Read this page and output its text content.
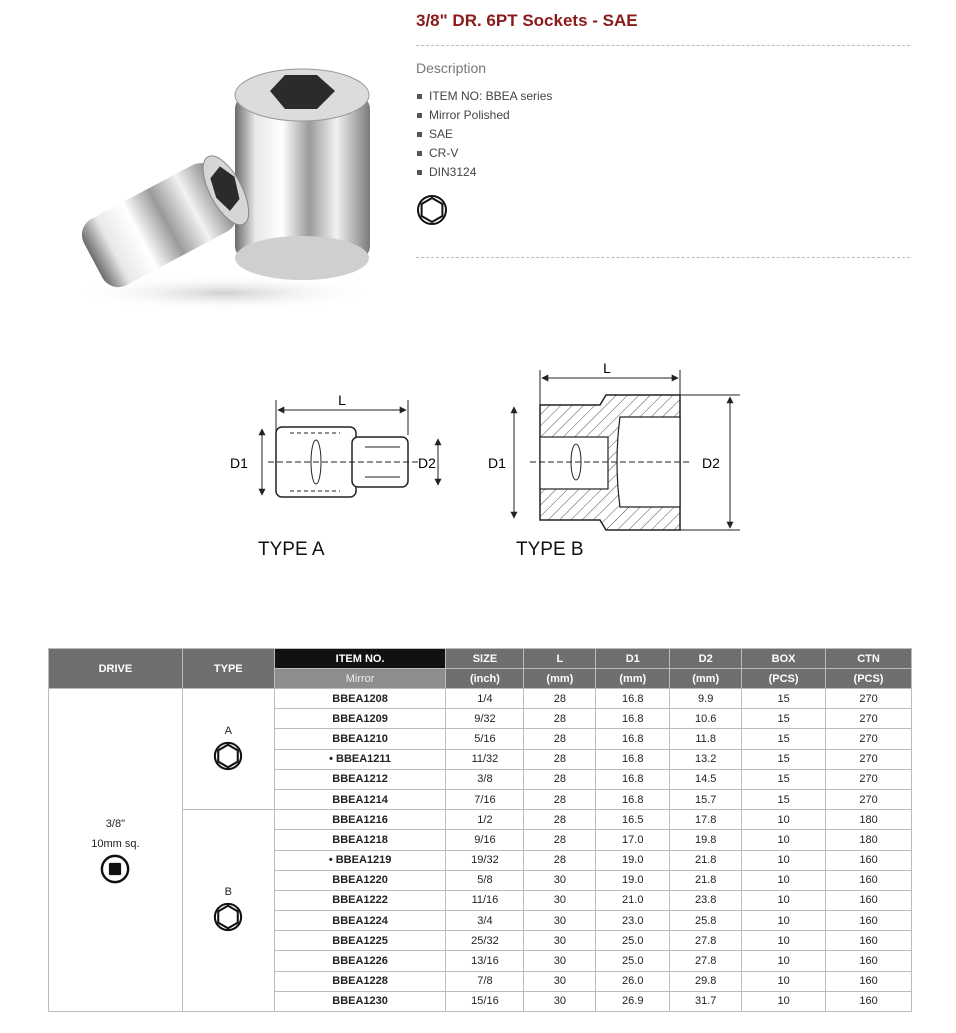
3/8" DR. 6PT Sockets - SAE
Description
ITEM NO: BBEA series
Mirror Polished
SAE
CR-V
DIN3124
L
D1	D2
L
D1	D2
TYPE A	TYPE B
DRIVE	TYPE	ITEM NO.	SIZE	L	D1	D2	BOX	CTN
		Mirror	(inch)	(mm)	(mm)	(mm)	(PCS)	(PCS)

3/8"
10mm sq.	A	BBEA1208	1/4	28	16.8	9.9	15	270
		BBEA1209	9/32	28	16.8	10.6	15	270
		BBEA1210	5/16	28	16.8	11.8	15	270
		• BBEA1211	11/32	28	16.8	13.2	15	270
		BBEA1212	3/8	28	16.8	14.5	15	270
		BBEA1214	7/16	28	16.8	15.7	15	270

	B	BBEA1216	1/2	28	16.5	17.8	10	180
		BBEA1218	9/16	28	17.0	19.8	10	180
		• BBEA1219	19/32	28	19.0	21.8	10	160
		BBEA1220	5/8	30	19.0	21.8	10	160
		BBEA1222	11/16	30	21.0	23.8	10	160
		BBEA1224	3/4	30	23.0	25.8	10	160
		BBEA1225	25/32	30	25.0	27.8	10	160
		BBEA1226	13/16	30	25.0	27.8	10	160
		BBEA1228	7/8	30	26.0	29.8	10	160
		BBEA1230	15/16	30	26.9	31.7	10	160
